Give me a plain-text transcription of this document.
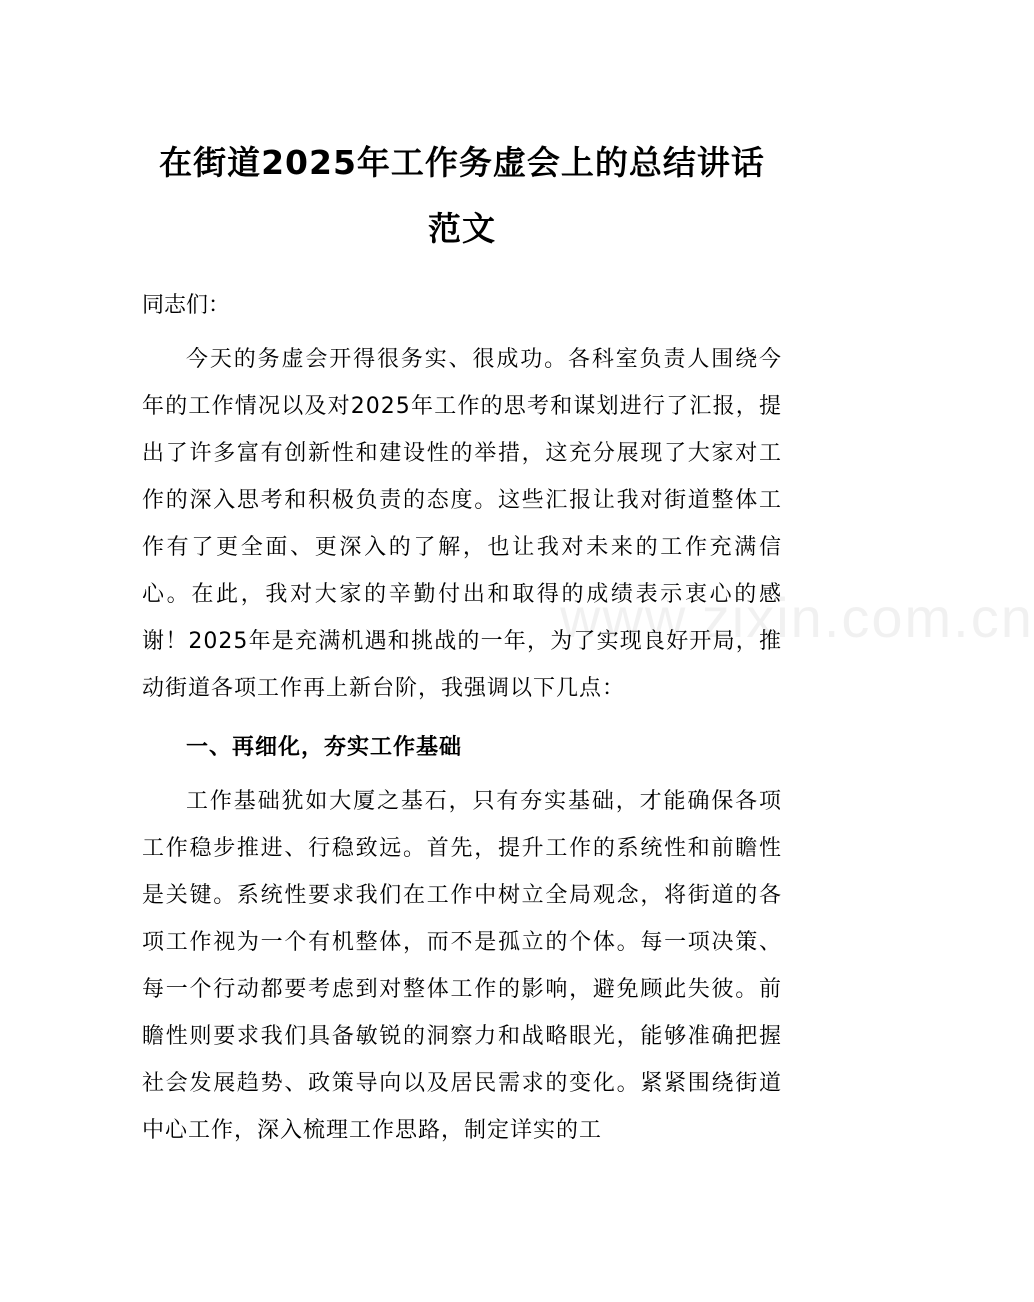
www.zixin.com.cn
在街道2025年工作务虚会上的总结讲话范文

同志们：

今天的务虚会开得很务实、很成功。各科室负责人围绕今年的工作情况以及对2025年工作的思考和谋划进行了汇报，提出了许多富有创新性和建设性的举措，这充分展现了大家对工作的深入思考和积极负责的态度。这些汇报让我对街道整体工作有了更全面、更深入的了解，也让我对未来的工作充满信心。在此，我对大家的辛勤付出和取得的成绩表示衷心的感谢！2025年是充满机遇和挑战的一年，为了实现良好开局，推动街道各项工作再上新台阶，我强调以下几点：

一、再细化，夯实工作基础

工作基础犹如大厦之基石，只有夯实基础，才能确保各项工作稳步推进、行稳致远。首先，提升工作的系统性和前瞻性是关键。系统性要求我们在工作中树立全局观念，将街道的各项工作视为一个有机整体，而不是孤立的个体。每一项决策、每一个行动都要考虑到对整体工作的影响，避免顾此失彼。前瞻性则要求我们具备敏锐的洞察力和战略眼光，能够准确把握社会发展趋势、政策导向以及居民需求的变化。紧紧围绕街道中心工作，深入梳理工作思路，制定详实的工
